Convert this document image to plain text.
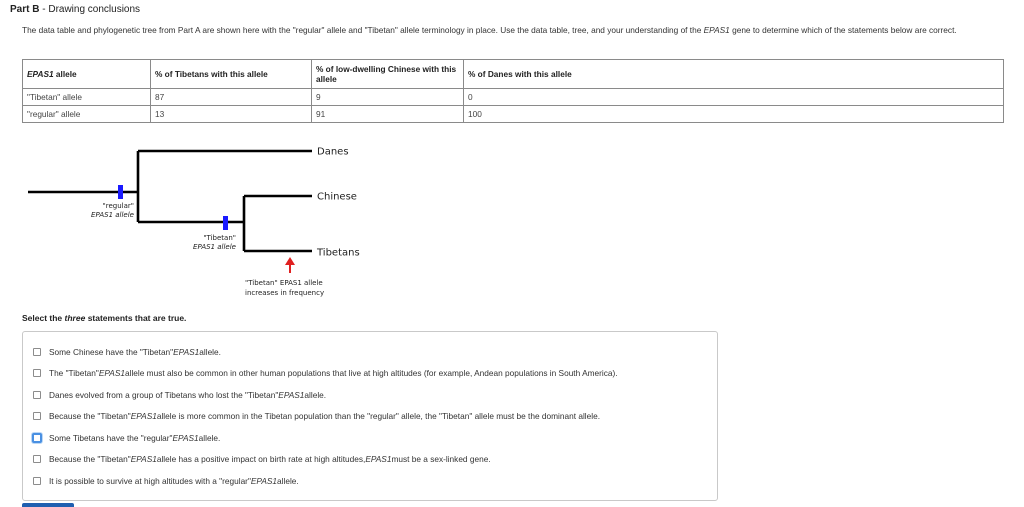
Part B - Drawing conclusions
The data table and phylogenetic tree from Part A are shown here with the "regular" allele and "Tibetan" allele terminology in place. Use the data table, tree, and your understanding of the EPAS1 gene to determine which of the statements below are correct.
EPAS1 allele	% of Tibetans with this allele	% of low-dwelling Chinese with this allele	% of Danes with this allele
"Tibetan" allele	87	9	0
"regular" allele	13	91	100
Danes
Chinese
Tibetans
"regular"
EPAS1 allele
"Tibetan"
EPAS1 allele
"Tibetan" EPAS1 allele
increases in frequency
Select the three statements that are true.
Some Chinese have the "Tibetan" EPAS1 allele.
The "Tibetan" EPAS1 allele must also be common in other human populations that live at high altitudes (for example, Andean populations in South America).
Danes evolved from a group of Tibetans who lost the "Tibetan" EPAS1 allele.
Because the "Tibetan" EPAS1 allele is more common in the Tibetan population than the "regular" allele, the "Tibetan" allele must be the dominant allele.
Some Tibetans have the "regular" EPAS1 allele.
Because the "Tibetan" EPAS1 allele has a positive impact on birth rate at high altitudes, EPAS1 must be a sex-linked gene.
It is possible to survive at high altitudes with a "regular" EPAS1 allele.
